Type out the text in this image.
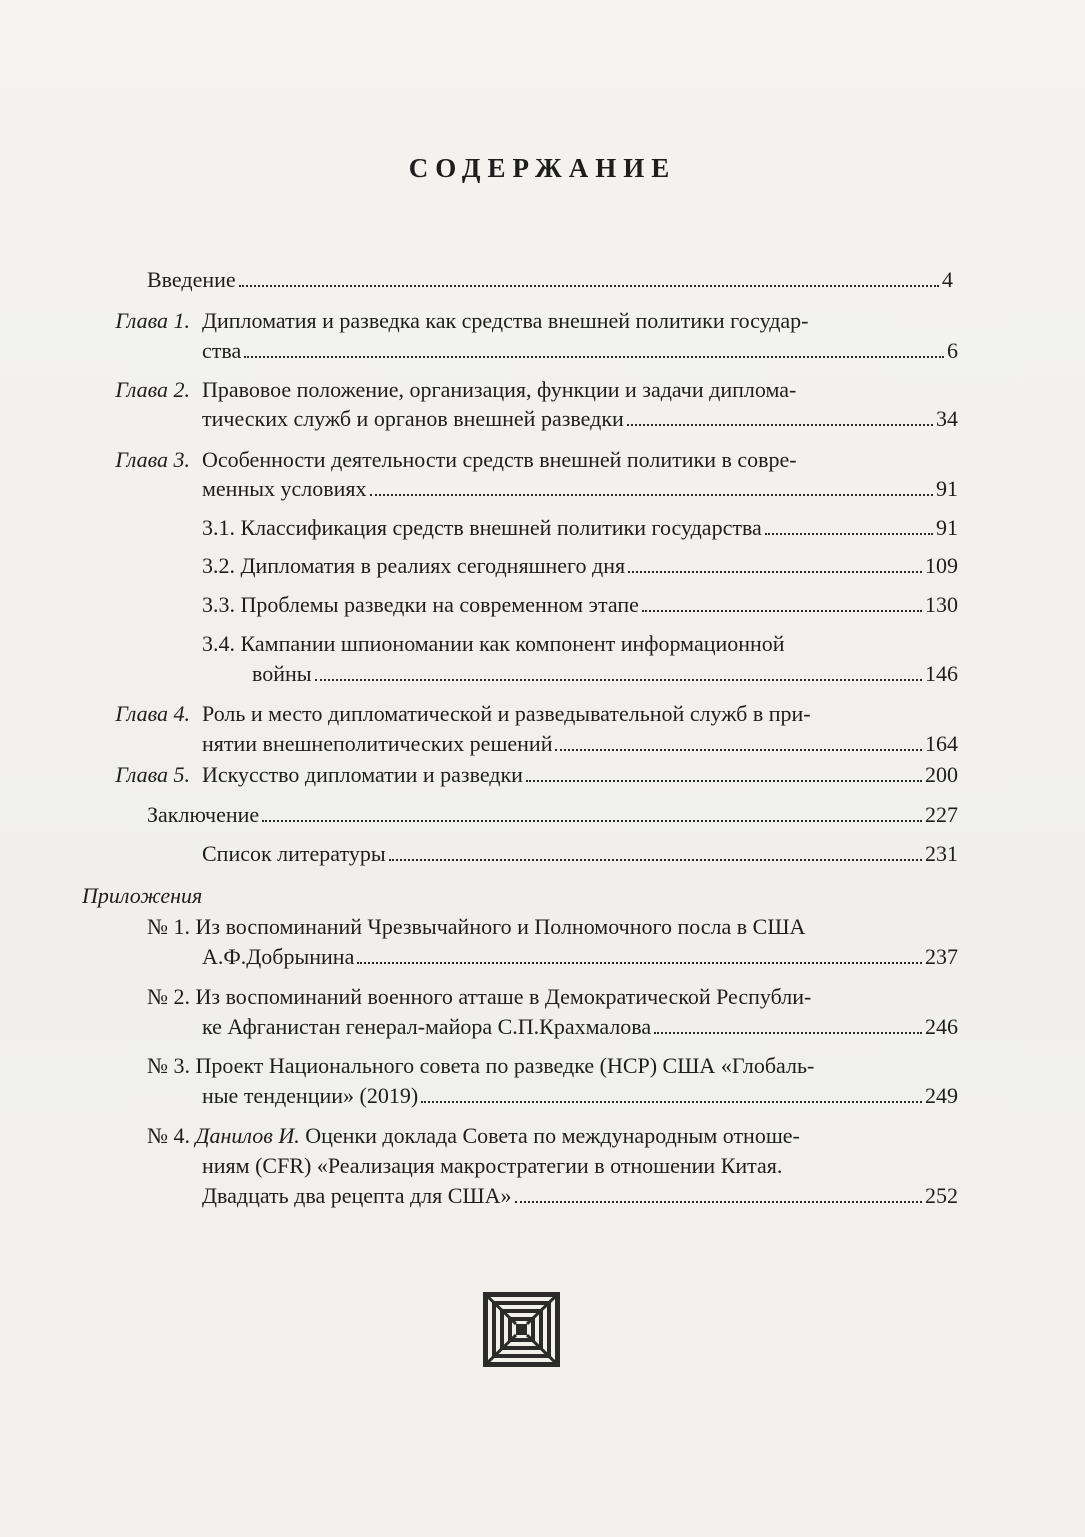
СОДЕРЖАНИЕ
Введение	4
Глава 1. Дипломатия и разведка как средства внешней политики государ-
ства	6
Глава 2. Правовое положение, организация, функции и задачи диплома-
тических служб и органов внешней разведки	34
Глава 3. Особенности деятельности средств внешней политики в совре-
менных условиях	91
3.1. Классификация средств внешней политики государства	91
3.2. Дипломатия в реалиях сегодняшнего дня	109
3.3. Проблемы разведки на современном этапе	130
3.4. Кампании шпиономании как компонент информационной
войны	146
Глава 4. Роль и место дипломатической и разведывательной служб в при-
нятии внешнеполитических решений	164
Глава 5. Искусство дипломатии и разведки	200
Заключение	227
Список литературы	231
Приложения
№ 1. Из воспоминаний Чрезвычайного и Полномочного посла в США
А.Ф.Добрынина	237
№ 2. Из воспоминаний военного атташе в Демократической Республи-
ке Афганистан генерал-майора С.П.Крахмалова	246
№ 3. Проект Национального совета по разведке (НСР) США «Глобаль-
ные тенденции» (2019)	249
№ 4. Данилов И. Оценки доклада Совета по международным отноше-
ниям (CFR) «Реализация макростратегии в отношении Китая.
Двадцать два рецепта для США»	252
